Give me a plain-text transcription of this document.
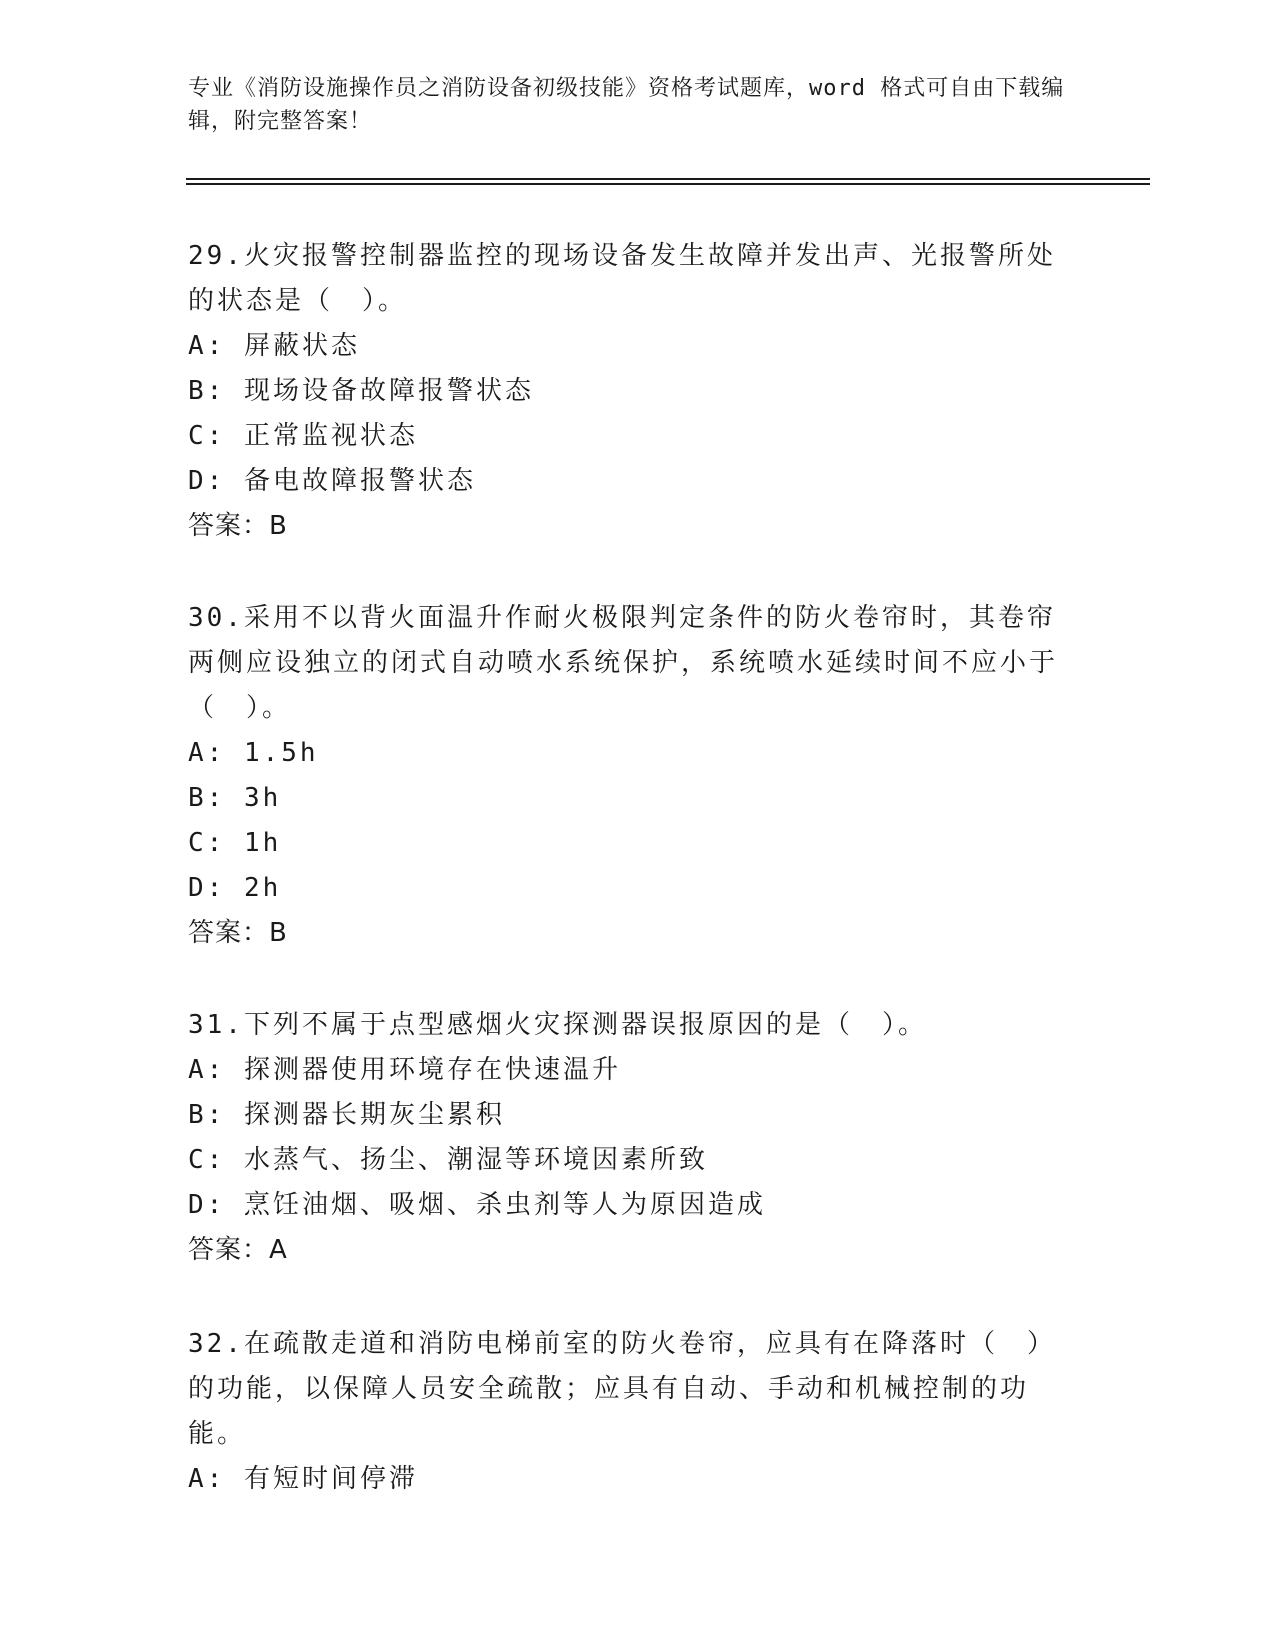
专业《消防设施操作员之消防设备初级技能》资格考试题库，word 格式可自由下载编辑，附完整答案！
29.火灾报警控制器监控的现场设备发生故障并发出声、光报警所处的状态是（　）。
A: 屏蔽状态
B: 现场设备故障报警状态
C: 正常监视状态
D: 备电故障报警状态
答案：B
30.采用不以背火面温升作耐火极限判定条件的防火卷帘时，其卷帘两侧应设独立的闭式自动喷水系统保护，系统喷水延续时间不应小于（　）。
A: 1.5h
B: 3h
C: 1h
D: 2h
答案：B
31.下列不属于点型感烟火灾探测器误报原因的是（　）。
A: 探测器使用环境存在快速温升
B: 探测器长期灰尘累积
C: 水蒸气、扬尘、潮湿等环境因素所致
D: 烹饪油烟、吸烟、杀虫剂等人为原因造成
答案：A
32.在疏散走道和消防电梯前室的防火卷帘，应具有在降落时（　）的功能，以保障人员安全疏散；应具有自动、手动和机械控制的功能。
A: 有短时间停滞
